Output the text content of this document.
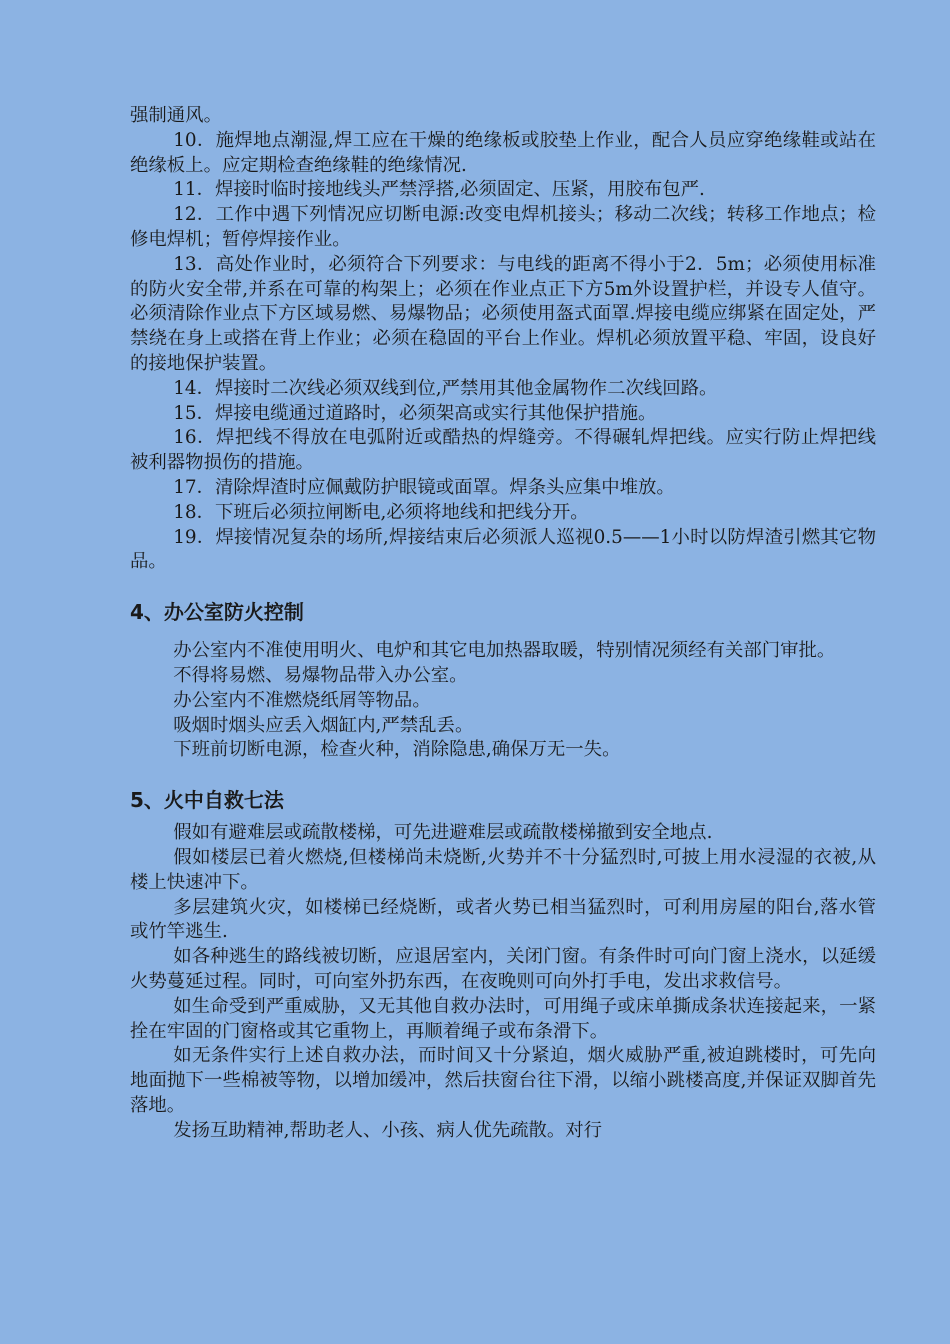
强制通风。

10．施焊地点潮湿,焊工应在干燥的绝缘板或胶垫上作业，配合人员应穿绝缘鞋或站在绝缘板上。应定期检查绝缘鞋的绝缘情况.

11．焊接时临时接地线头严禁浮搭,必须固定、压紧，用胶布包严.

12．工作中遇下列情况应切断电源:改变电焊机接头；移动二次线；转移工作地点；检修电焊机；暂停焊接作业。

13．高处作业时，必须符合下列要求：与电线的距离不得小于2．5m；必须使用标准的防火安全带,并系在可靠的构架上；必须在作业点正下方5m外设置护栏，并设专人值守。必须清除作业点下方区域易燃、易爆物品；必须使用盔式面罩.焊接电缆应绑紧在固定处，严禁绕在身上或搭在背上作业；必须在稳固的平台上作业。焊机必须放置平稳、牢固，设良好的接地保护装置。

14．焊接时二次线必须双线到位,严禁用其他金属物作二次线回路。

15．焊接电缆通过道路时，必须架高或实行其他保护措施。

16．焊把线不得放在电弧附近或酷热的焊缝旁。不得碾轧焊把线。应实行防止焊把线被利器物损伤的措施。

17．清除焊渣时应佩戴防护眼镜或面罩。焊条头应集中堆放。

18．下班后必须拉闸断电,必须将地线和把线分开。

19．焊接情况复杂的场所,焊接结束后必须派人巡视0.5——1小时以防焊渣引燃其它物品。

4、办公室防火控制

办公室内不准使用明火、电炉和其它电加热器取暖，特别情况须经有关部门审批。

不得将易燃、易爆物品带入办公室。

办公室内不准燃烧纸屑等物品。

吸烟时烟头应丢入烟缸内,严禁乱丢。

下班前切断电源，检查火种，消除隐患,确保万无一失。

5、火中自救七法

假如有避难层或疏散楼梯，可先进避难层或疏散楼梯撤到安全地点.

假如楼层已着火燃烧,但楼梯尚未烧断,火势并不十分猛烈时,可披上用水浸湿的衣被,从楼上快速冲下。

多层建筑火灾，如楼梯已经烧断，或者火势已相当猛烈时，可利用房屋的阳台,落水管或竹竿逃生.

如各种逃生的路线被切断，应退居室内，关闭门窗。有条件时可向门窗上浇水，以延缓火势蔓延过程。同时，可向室外扔东西，在夜晚则可向外打手电，发出求救信号。

如生命受到严重威胁，又无其他自救办法时，可用绳子或床单撕成条状连接起来，一紧拴在牢固的门窗格或其它重物上，再顺着绳子或布条滑下。

如无条件实行上述自救办法，而时间又十分紧迫，烟火威胁严重,被迫跳楼时，可先向地面抛下一些棉被等物，以增加缓冲，然后扶窗台往下滑，以缩小跳楼高度,并保证双脚首先落地。

发扬互助精神,帮助老人、小孩、病人优先疏散。对行
